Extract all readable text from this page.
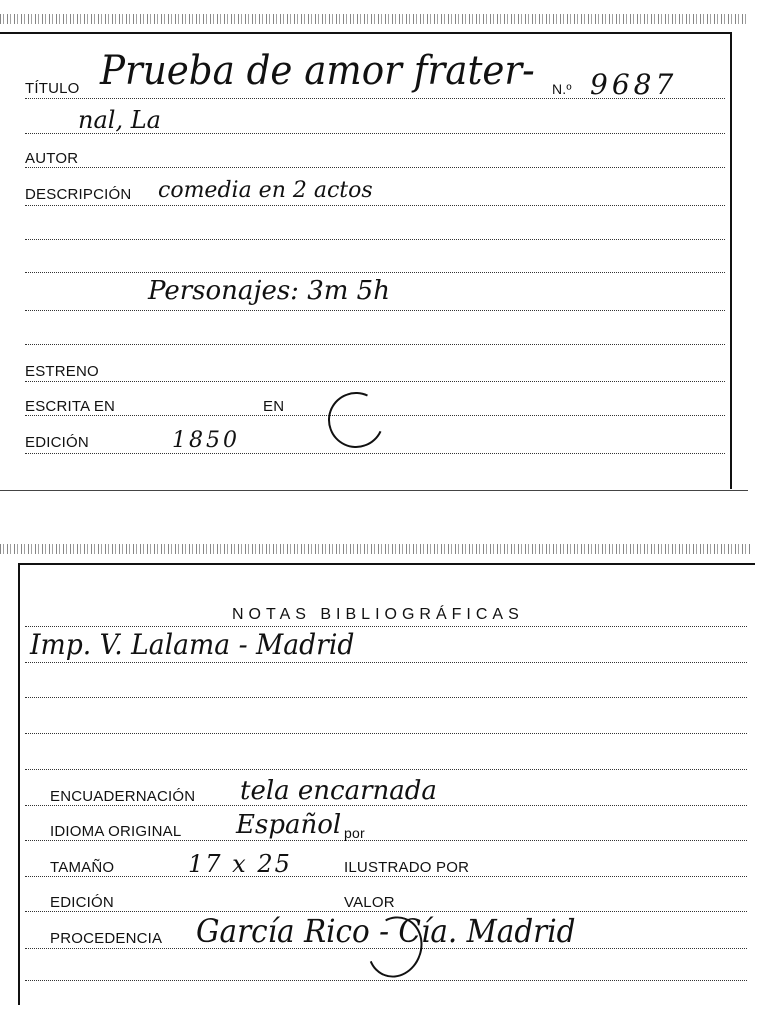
TÍTULO Prueba de amor frater- N.º 9687
nal, La
AUTOR
DESCRIPCIÓN comedia en 2 actos
Personajes: 3m 5h
ESTRENO
ESCRITA EN	EN
EDICIÓN	1850
NOTAS BIBLIOGRÁFICAS
Imp. V. Lalama - Madrid
ENCUADERNACIÓN tela encarnada
IDIOMA ORIGINAL Español por
TAMAÑO	17 x 25	ILUSTRADO POR
EDICIÓN	VALOR
PROCEDENCIA García Rico - Cía. Madrid
